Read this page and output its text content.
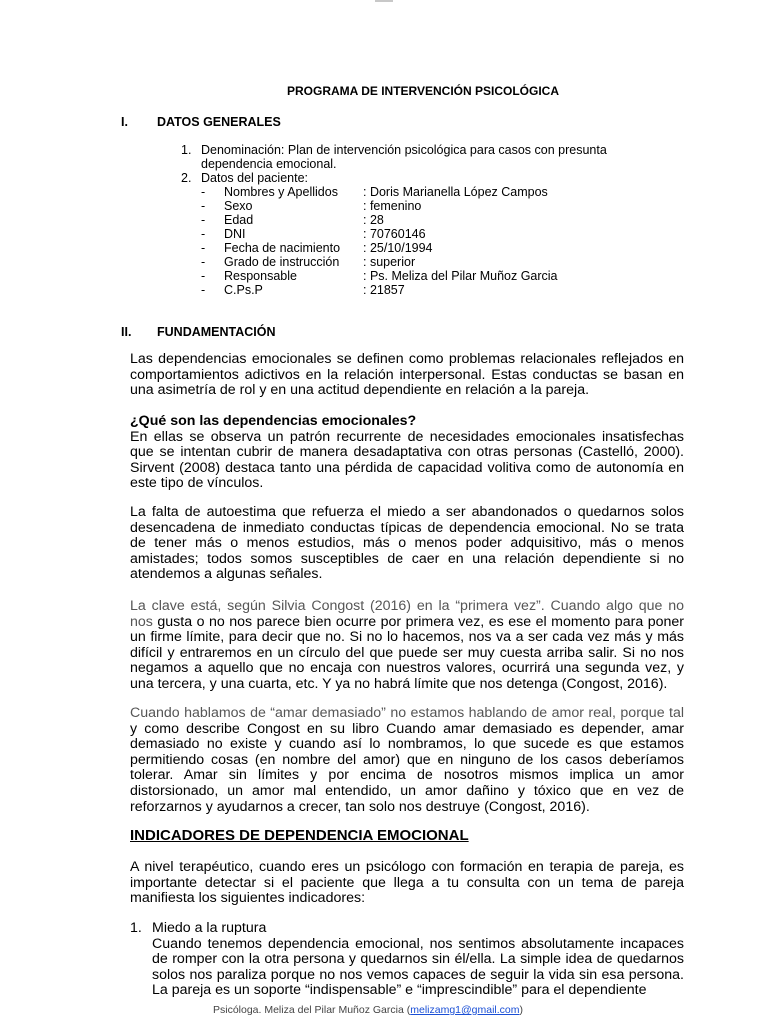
PROGRAMA DE INTERVENCIÓN PSICOLÓGICA
I. DATOS GENERALES
1. Denominación: Plan de intervención psicológica para casos con presunta dependencia emocional.
2. Datos del paciente:
- Nombres y Apellidos : Doris Marianella López Campos
- Sexo	: femenino
- Edad	: 28
- DNI	: 70760146
- Fecha de nacimiento : 25/10/1994
- Grado de instrucción : superior
- Responsable	: Ps. Meliza del Pilar Muñoz Garcia
- C.Ps.P	: 21857
II. FUNDAMENTACIÓN

Las dependencias emocionales se definen como problemas relacionales reflejados en comportamientos adictivos en la relación interpersonal. Estas conductas se basan en una asimetría de rol y en una actitud dependiente en relación a la pareja.

¿Qué son las dependencias emocionales?

En ellas se observa un patrón recurrente de necesidades emocionales insatisfechas que se intentan cubrir de manera desadaptativa con otras personas (Castelló, 2000). Sirvent (2008) destaca tanto una pérdida de capacidad volitiva como de autonomía en este tipo de vínculos.

La falta de autoestima que refuerza el miedo a ser abandonados o quedarnos solos desencadena de inmediato conductas típicas de dependencia emocional. No se trata de tener más o menos estudios, más o menos poder adquisitivo, más o menos amistades; todos somos susceptibles de caer en una relación dependiente si no atendemos a algunas señales.

La clave está, según Silvia Congost (2016) en la “primera vez”. Cuando algo que no nos gusta o no nos parece bien ocurre por primera vez, es ese el momento para poner un firme límite, para decir que no. Si no lo hacemos, nos va a ser cada vez más y más difícil y entraremos en un círculo del que puede ser muy cuesta arriba salir. Si no nos negamos a aquello que no encaja con nuestros valores, ocurrirá una segunda vez, y una tercera, y una cuarta, etc. Y ya no habrá límite que nos detenga (Congost, 2016).

Cuando hablamos de “amar demasiado” no estamos hablando de amor real, porque tal y como describe Congost en su libro Cuando amar demasiado es depender, amar demasiado no existe y cuando así lo nombramos, lo que sucede es que estamos permitiendo cosas (en nombre del amor) que en ninguno de los casos deberíamos tolerar. Amar sin límites y por encima de nosotros mismos implica un amor distorsionado, un amor mal entendido, un amor dañino y tóxico que en vez de reforzarnos y ayudarnos a crecer, tan solo nos destruye (Congost, 2016).

INDICADORES DE DEPENDENCIA EMOCIONAL

A nivel terapéutico, cuando eres un psicólogo con formación en terapia de pareja, es importante detectar si el paciente que llega a tu consulta con un tema de pareja manifiesta los siguientes indicadores:

1. Miedo a la ruptura
Cuando tenemos dependencia emocional, nos sentimos absolutamente incapaces de romper con la otra persona y quedarnos sin él/ella. La simple idea de quedarnos solos nos paraliza porque no nos vemos capaces de seguir la vida sin esa persona. La pareja es un soporte “indispensable” e “imprescindible” para el dependiente
Psicóloga. Meliza del Pilar Muñoz Garcia (melizamg1@gmail.com)
